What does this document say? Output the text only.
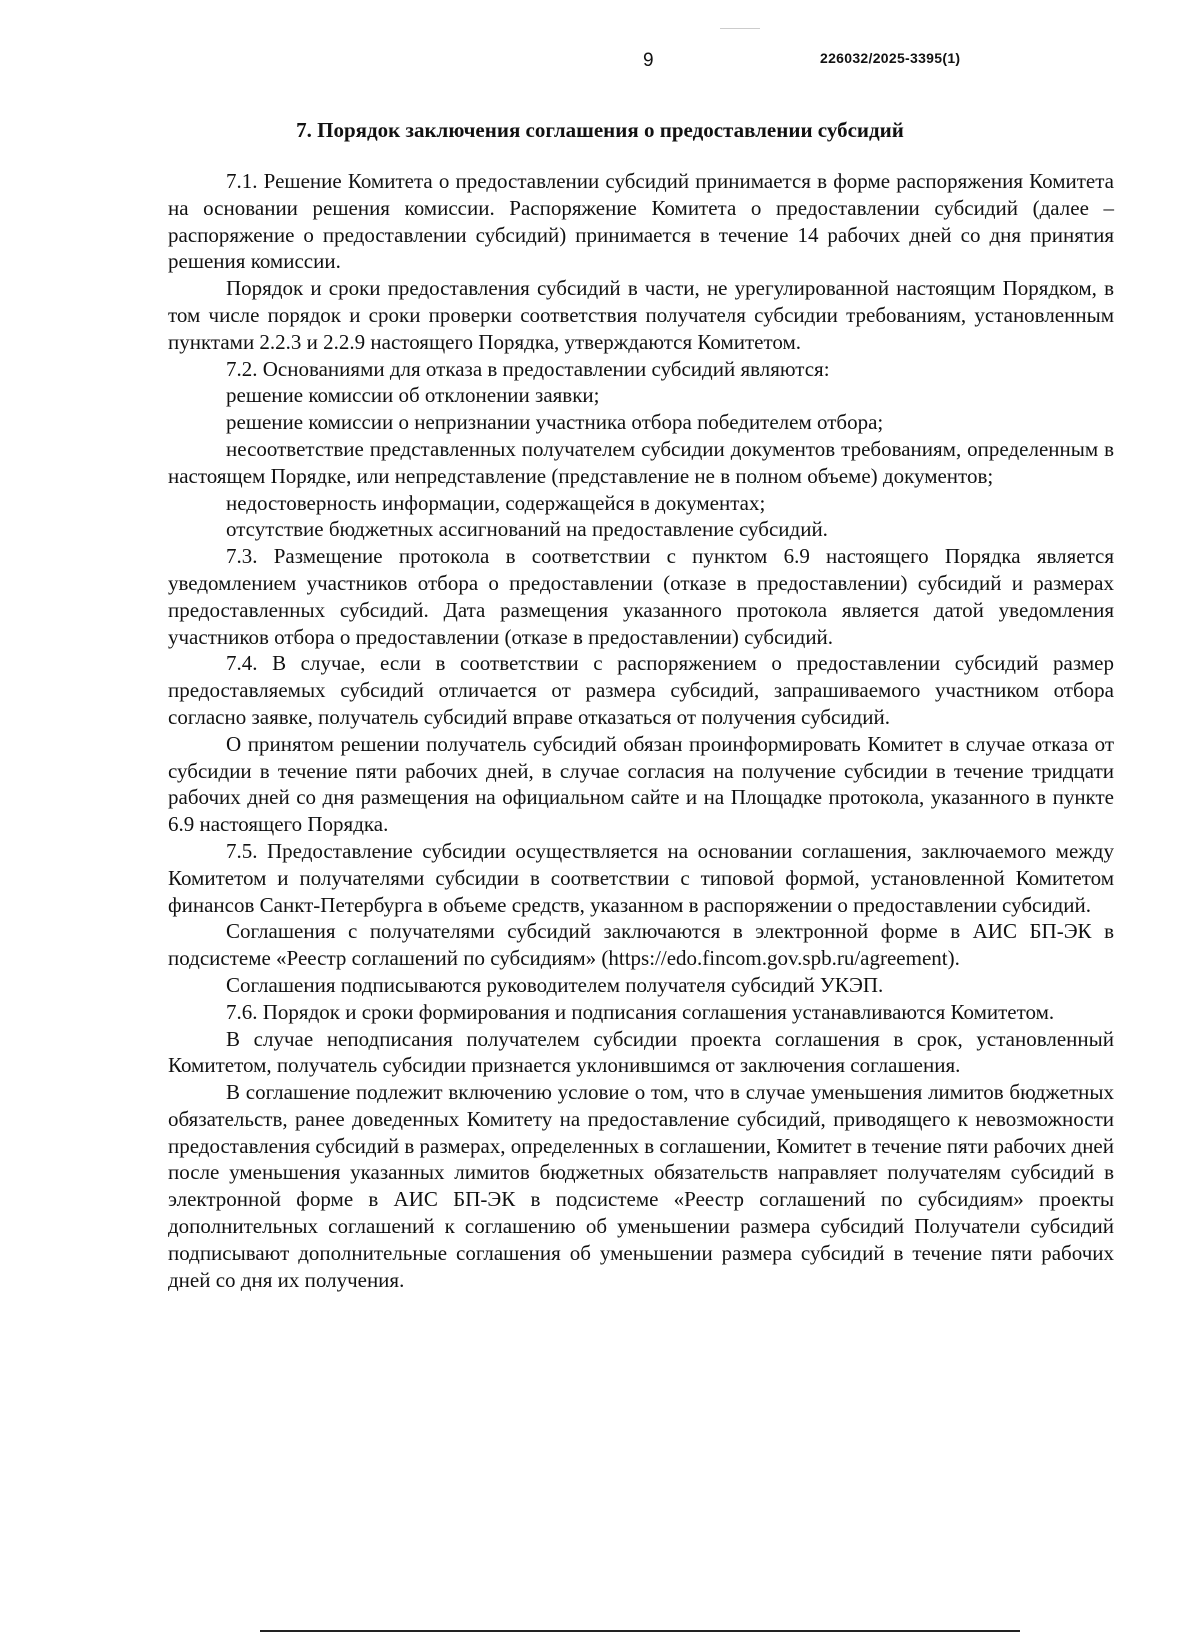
9	226032/2025-3395(1)
7. Порядок заключения соглашения о предоставлении субсидий

7.1. Решение Комитета о предоставлении субсидий принимается в форме распоряжения Комитета на основании решения комиссии. Распоряжение Комитета о предоставлении субсидий (далее – распоряжение о предоставлении субсидий) принимается в течение 14 рабочих дней со дня принятия решения комиссии.

Порядок и сроки предоставления субсидий в части, не урегулированной настоящим Порядком, в том числе порядок и сроки проверки соответствия получателя субсидии требованиям, установленным пунктами 2.2.3 и 2.2.9 настоящего Порядка, утверждаются Комитетом.

7.2. Основаниями для отказа в предоставлении субсидий являются:

решение комиссии об отклонении заявки;

решение комиссии о непризнании участника отбора победителем отбора;

несоответствие представленных получателем субсидии документов требованиям, определенным в настоящем Порядке, или непредставление (представление не в полном объеме) документов;

недостоверность информации, содержащейся в документах;

отсутствие бюджетных ассигнований на предоставление субсидий.

7.3. Размещение протокола в соответствии с пунктом 6.9 настоящего Порядка является уведомлением участников отбора о предоставлении (отказе в предоставлении) субсидий и размерах предоставленных субсидий. Дата размещения указанного протокола является датой уведомления участников отбора о предоставлении (отказе в предоставлении) субсидий.

7.4. В случае, если в соответствии с распоряжением о предоставлении субсидий размер предоставляемых субсидий отличается от размера субсидий, запрашиваемого участником отбора согласно заявке, получатель субсидий вправе отказаться от получения субсидий.

О принятом решении получатель субсидий обязан проинформировать Комитет в случае отказа от субсидии в течение пяти рабочих дней, в случае согласия на получение субсидии в течение тридцати рабочих дней со дня размещения на официальном сайте и на Площадке протокола, указанного в пункте 6.9 настоящего Порядка.

7.5. Предоставление субсидии осуществляется на основании соглашения, заключаемого между Комитетом и получателями субсидии в соответствии с типовой формой, установленной Комитетом финансов Санкт-Петербурга в объеме средств, указанном в распоряжении о предоставлении субсидий.

Соглашения с получателями субсидий заключаются в электронной форме в АИС БП-ЭК в подсистеме «Реестр соглашений по субсидиям» (https://edo.fincom.gov.spb.ru/agreement).

Соглашения подписываются руководителем получателя субсидий УКЭП.

7.6. Порядок и сроки формирования и подписания соглашения устанавливаются Комитетом.

В случае неподписания получателем субсидии проекта соглашения в срок, установленный Комитетом, получатель субсидии признается уклонившимся от заключения соглашения.

В соглашение подлежит включению условие о том, что в случае уменьшения лимитов бюджетных обязательств, ранее доведенных Комитету на предоставление субсидий, приводящего к невозможности предоставления субсидий в размерах, определенных в соглашении, Комитет в течение пяти рабочих дней после уменьшения указанных лимитов бюджетных обязательств направляет получателям субсидий в электронной форме в АИС БП-ЭК в подсистеме «Реестр соглашений по субсидиям» проекты дополнительных соглашений к соглашению об уменьшении размера субсидий Получатели субсидий подписывают дополнительные соглашения об уменьшении размера субсидий в течение пяти рабочих дней со дня их получения.
